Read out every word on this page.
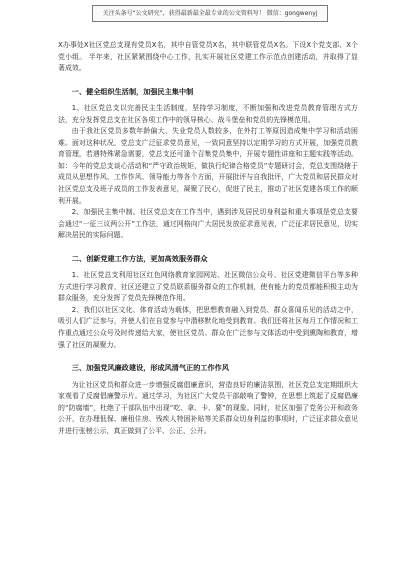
关注头条号“公文研究”，获得最新最全最专业的公文资料写！ 微信：gongwenyj

X办事处X社区党总支现有党员X名，其中自管党员X名，其中联管党员X名。下设X个党支部、X个党小组。 半年来，社区紧紧围绕中心工作，扎实开展社区党建工作示范点创建活动，并取得了显著成效。

一、健全组织生活制，加强民主集中制

1、社区党总支以完善民主生活制度，坚持学习制度，不断加强和改进党员教育管理方式方法，充分发挥党总支在社区各项工作中的领导核心、战斗堡垒和党员的先锋模范用。

由于我社区党员多数年龄偏大、失业党员人数较多，在外打工等原因造成集中学习和活动困难。面对这种状况，党总支广泛征求党员意见，一致同意坚持以定期学习的方式开展，加强党员教育管理，若遇特殊紧急需要，党总支还可逢个召集党员集中，开展专题性讲座和主题实践等活动。如：今年的党总支谈心活动和“严守政治规矩，做执行纪律合格党员”专题研讨会，党总支围绕辖于成员从思想作风、工作作风、领导能力等各个方面，开展批评与自我批评，广大党员和居民群众对社区党总支及班子成员的工作发表意见，凝聚了民心，促进了民主，推动了社区党建各项工作的顺利开展。

2、加强民主集中制。社区党总支在工作当中，遇到涉及居民切身利益和重大事项是党总支要会通过“一征三议两公开”工作法，通过网格向广大居民发放征求意见表，广泛征求居民意见，切实解决居民的实际问题。

二、创新党建工作方法，更加高效服务群众

1、社区党总支利用社区红色网络教育家园网站、社区微信公众号、社区党建微信平台等多种方式进行学习教育，社区还建立了党员联系服务群众的工作机制，使有能力的党员都能积极主动为群众服务，充分发挥了党员先锋模范作用。

2、我们以社区文化、体育活动为载体，把思想教育融入到党员、群众喜闻乐见的活动之中，吸引人们广泛参与，并使人们在自觉参与中潜移默化地受到教育。我们还将社区每月工作情况和工作重点通过公众号及时传递给大家，使社区党员、群众在广泛参与文体活动中受到熏陶和教育，增强了社区的凝聚力。

三、加强党风廉政建设，形成风清气正的工作作风

为让社区党员和群众进一步增强反腐倡廉意识，营造良好的廉洁氛围，社区党总支定期组织大家观看了反腐倡廉警示片。通过学习，为社区广大党员干部敲响了警钟，在思想上筑起了反腐倡廉的“防腐墙”，杜绝了干部队伍中出现“吃、拿、卡、要”的现象。同时，社区加强了党务公开和政务公开，在办理低保、廉租住房、残疾人特困补贴等关系群众切身利益的事项时，广泛征求群众意见并进行张榜公示，真正做到了公平、公正、公开。
